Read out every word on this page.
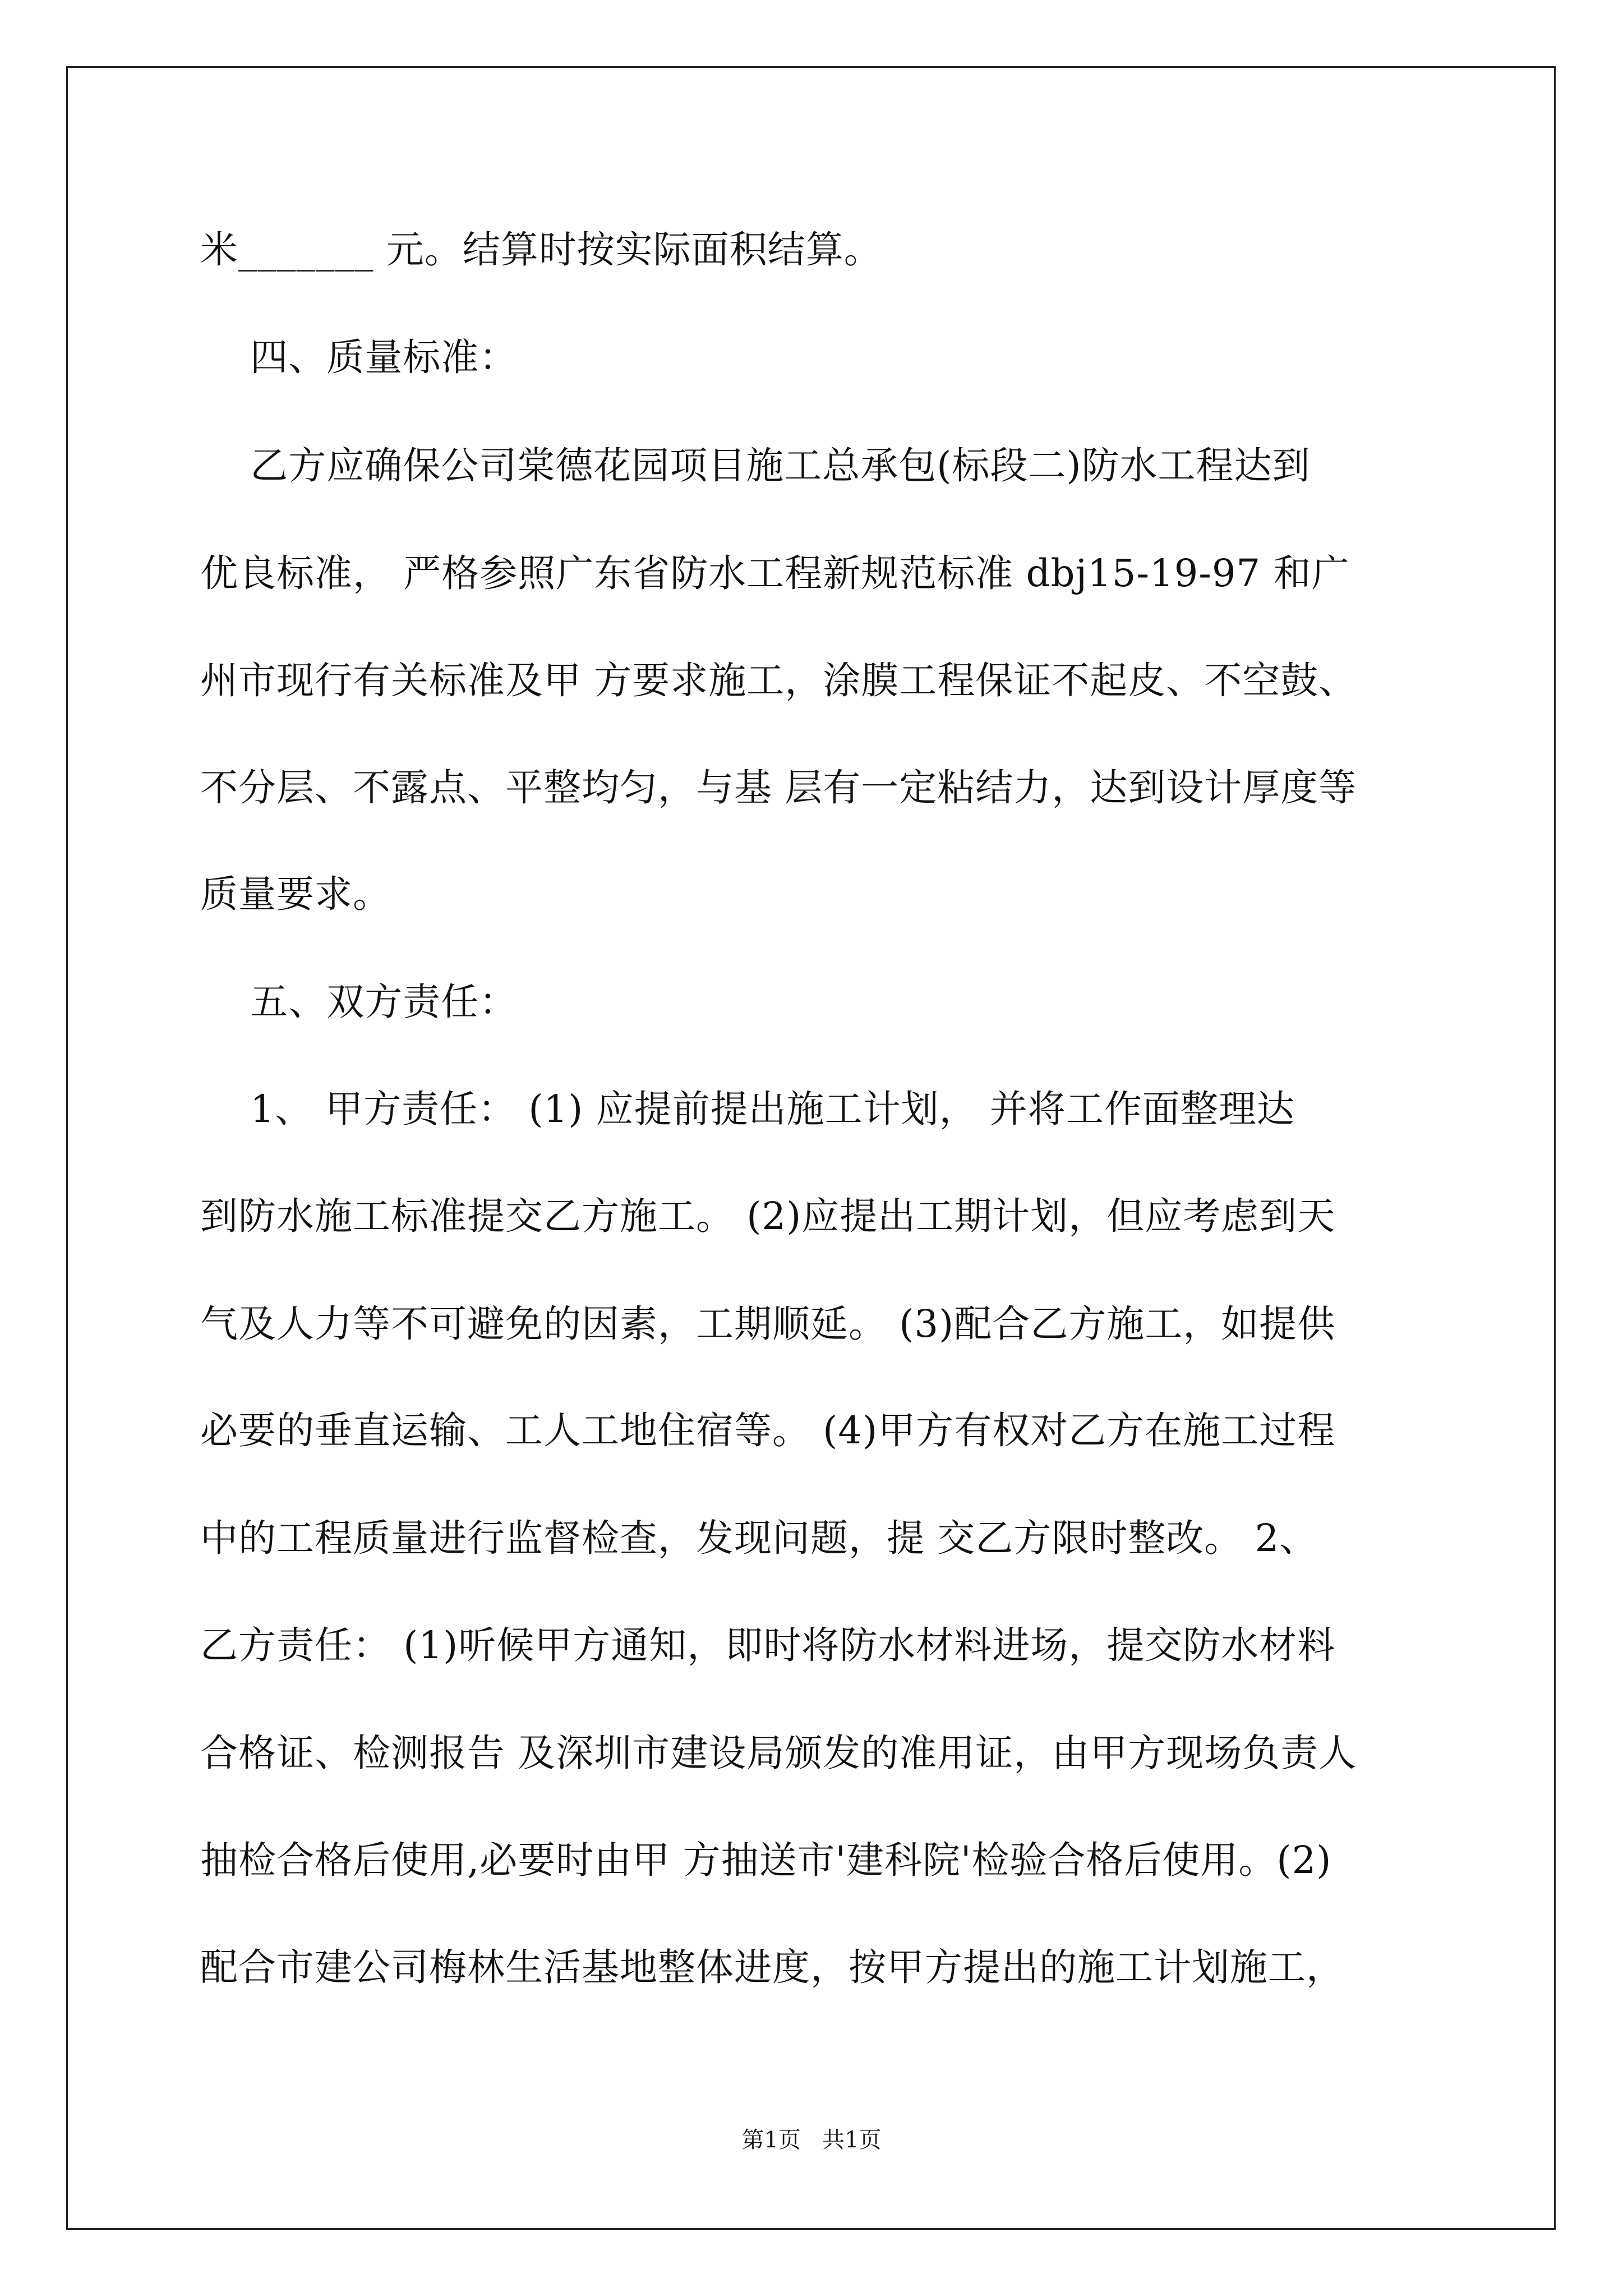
米_______ 元。结算时按实际面积结算。

四、质量标准：

乙方应确保公司棠德花园项目施工总承包(标段二)防水工程达到

优良标准， 严格参照广东省防水工程新规范标准 dbj15-19-97 和广

州市现行有关标准及甲 方要求施工，涂膜工程保证不起皮、不空鼓、

不分层、不露点、平整均匀，与基 层有一定粘结力，达到设计厚度等

质量要求。

五、双方责任：

1、 甲方责任： (1) 应提前提出施工计划， 并将工作面整理达

到防水施工标准提交乙方施工。 (2)应提出工期计划，但应考虑到天

气及人力等不可避免的因素，工期顺延。 (3)配合乙方施工，如提供

必要的垂直运输、工人工地住宿等。 (4)甲方有权对乙方在施工过程

中的工程质量进行监督检查，发现问题，提 交乙方限时整改。 2、

乙方责任： (1)听候甲方通知，即时将防水材料进场，提交防水材料

合格证、检测报告 及深圳市建设局颁发的准用证，由甲方现场负责人

抽检合格后使用,必要时由甲 方抽送市'建科院'检验合格后使用。(2)

配合市建公司梅林生活基地整体进度，按甲方提出的施工计划施工，

第1页   共1页
